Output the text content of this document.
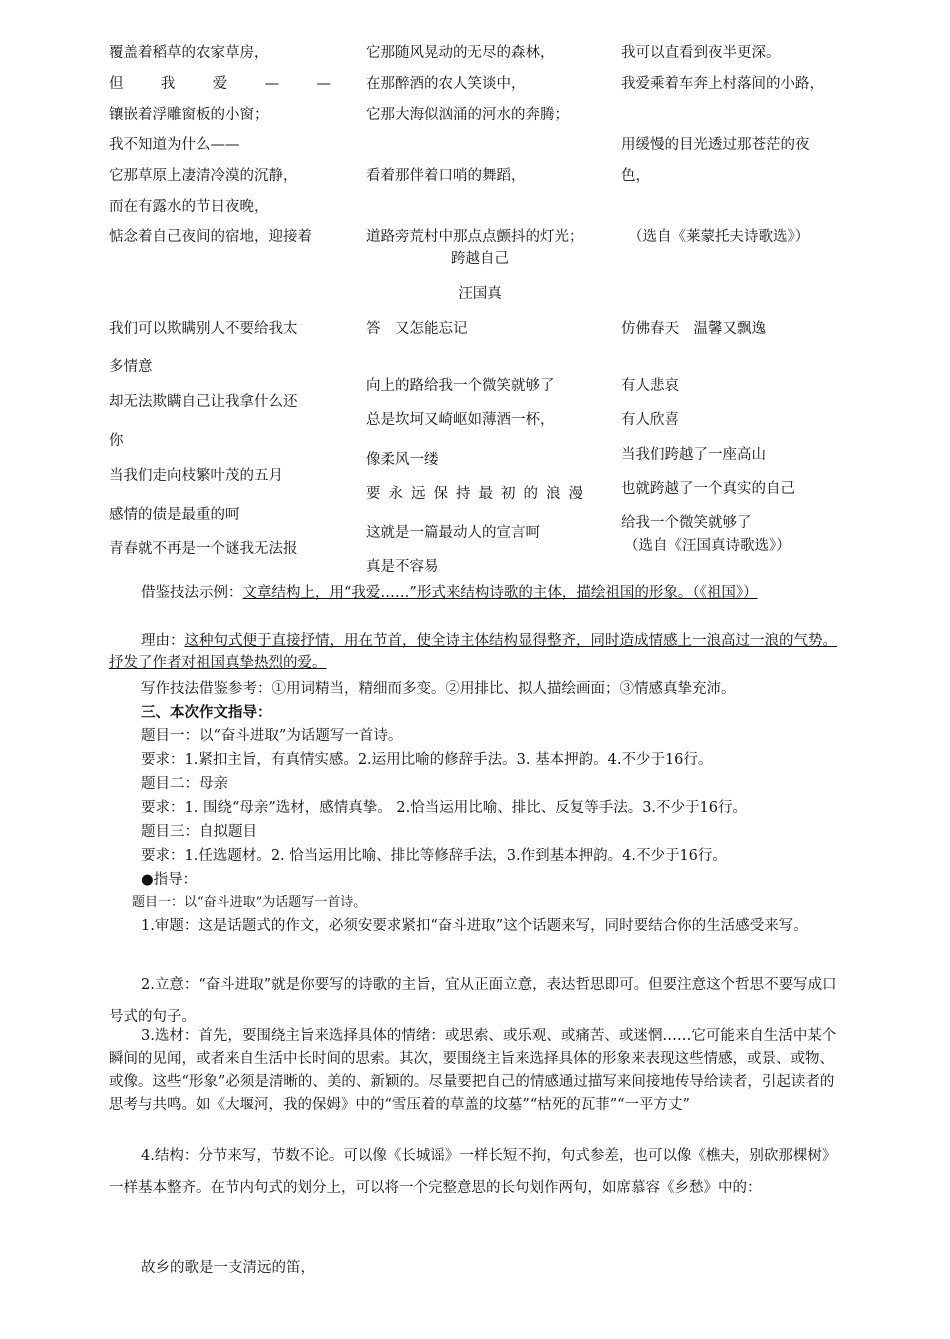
覆盖着稻草的农家草房，
但	我	爱	—	—
镶嵌着浮雕窗板的小窗；
我不知道为什么——
它那草原上凄清冷漠的沉静，
而在有露水的节日夜晚，
惦念着自己夜间的宿地，迎接着
它那随风晃动的无尽的森林，
在那醉酒的农人笑谈中，
它那大海似汹涌的河水的奔腾；
看着那伴着口哨的舞蹈，
道路旁荒村中那点点颤抖的灯光；
我可以直看到夜半更深。
我爱乘着车奔上村落间的小路，
用缓慢的目光透过那苍茫的夜
色，
（选自《莱蒙托夫诗歌选》）
跨越自己
汪国真
我们可以欺瞒别人不要给我太
多情意
却无法欺瞒自己让我拿什么还
你
当我们走向枝繁叶茂的五月
感情的债是最重的呵
青春就不再是一个谜我无法报
答　又怎能忘记
向上的路给我一个微笑就够了
总是坎坷又崎岖如薄酒一杯，
像柔风一缕
要永远保持最初的浪漫
这就是一篇最动人的宣言呵
真是不容易
仿佛春天　温馨又飘逸
有人悲哀
有人欣喜
当我们跨越了一座高山
也就跨越了一个真实的自己
给我一个微笑就够了
（选自《汪国真诗歌选》）
借鉴技法示例：文章结构上，用“我爱……”形式来结构诗歌的主体，描绘祖国的形象。（《祖国》）
理由：这种句式便于直接抒情，用在节首，使全诗主体结构显得整齐，同时造成情感上一浪高过一浪的气势。抒发了作者对祖国真挚热烈的爱。
写作技法借鉴参考：①用词精当，精细而多变。②用排比、拟人描绘画面；③情感真挚充沛。
三、本次作文指导：
题目一：以“奋斗进取”为话题写一首诗。
要求：1.紧扣主旨，有真情实感。2.运用比喻的修辞手法。3. 基本押韵。4.不少于16行。
题目二：母亲
要求：1. 围绕“母亲”选材，感情真挚。 2.恰当运用比喻、排比、反复等手法。3.不少于16行。
题目三：自拟题目
要求：1.任选题材。2. 恰当运用比喻、排比等修辞手法，3.作到基本押韵。4.不少于16行。
●指导：
题目一：以“奋斗进取”为话题写一首诗。
1.审题：这是话题式的作文，必须安要求紧扣“奋斗进取”这个话题来写，同时要结合你的生活感受来写。
2.立意：“奋斗进取”就是你要写的诗歌的主旨，宜从正面立意，表达哲思即可。但要注意这个哲思不要写成口号式的句子。
3.选材：首先，要围绕主旨来选择具体的情绪：或思索、或乐观、或痛苦、或迷惘……它可能来自生活中某个瞬间的见闻，或者来自生活中长时间的思索。其次，要围绕主旨来选择具体的形象来表现这些情感，或景、或物、或像。这些“形象”必须是清晰的、美的、新颖的。尽量要把自己的情感通过描写来间接地传导给读者，引起读者的思考与共鸣。如《大堰河，我的保姆》中的“雪压着的草盖的坟墓”“枯死的瓦菲”“一平方丈”
4.结构：分节来写，节数不论。可以像《长城谣》一样长短不拘，句式参差，也可以像《樵夫，别砍那棵树》一样基本整齐。在节内句式的划分上，可以将一个完整意思的长句划作两句，如席慕容《乡愁》中的：
故乡的歌是一支清远的笛，
